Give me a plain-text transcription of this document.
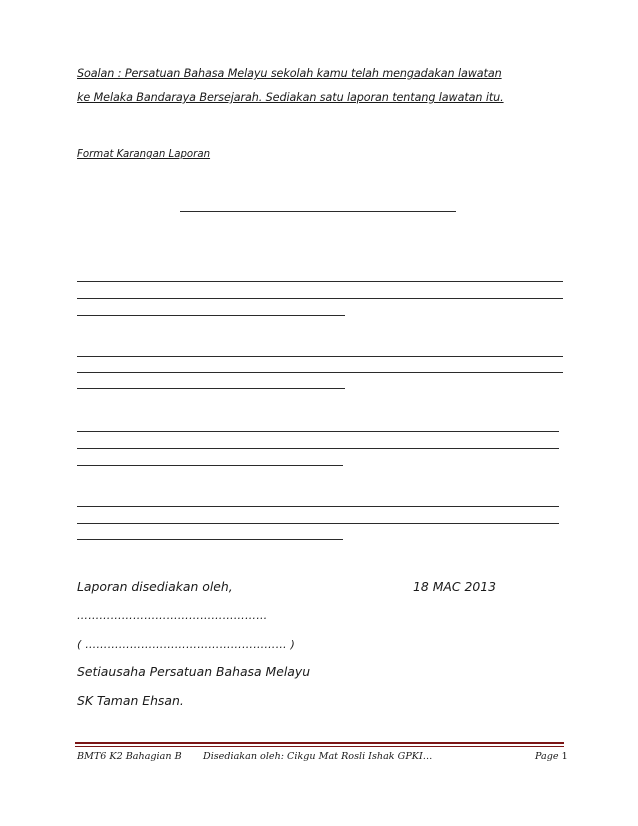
Soalan : Persatuan Bahasa Melayu sekolah kamu telah mengadakan lawatan
ke Melaka Bandaraya Bersejarah. Sediakan satu laporan tentang lawatan itu.
Format Karangan Laporan
Laporan disediakan oleh,	18 MAC 2013
……………………………………………
( ……………………………………………… )
Setiausaha Persatuan Bahasa Melayu
SK Taman Ehsan.
BMT6 K2 Bahagian B Disediakan oleh: Cikgu Mat Rosli Ishak GPKI…	Page 1
